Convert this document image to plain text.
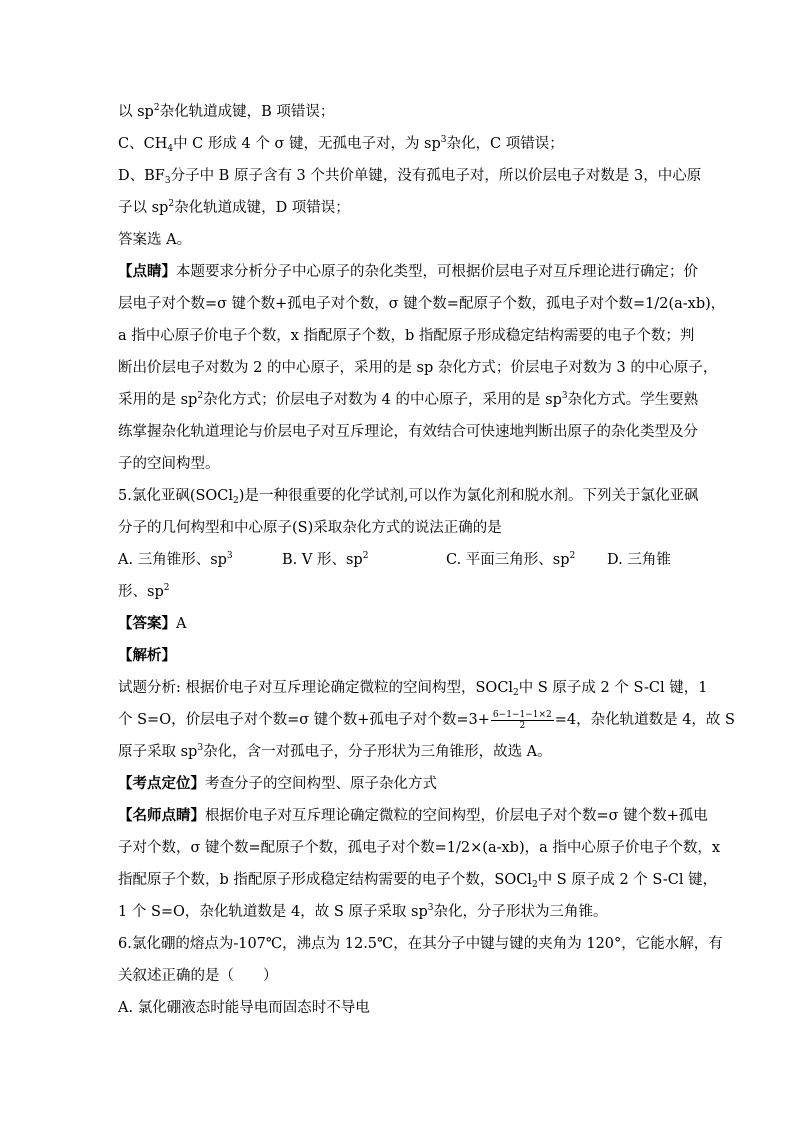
以 $sp^2$杂化轨道成键，B 项错误；
C、$CH_4$中 C 形成 4 个 σ 键，无孤电子对，为 $sp^3$杂化，C 项错误；
D、$BF_3$分子中 B 原子含有 3 个共价单键，没有孤电子对，所以价层电子对数是 3，中心原
子以 $sp^2$杂化轨道成键，D 项错误；
答案选 A。
【点睛】本题要求分析分子中心原子的杂化类型，可根据价层电子对互斥理论进行确定；价
层电子对个数=σ 键个数+孤电子对个数，σ 键个数=配原子个数，孤电子对个数=1/2(a-xb)，
a 指中心原子价电子个数，x 指配原子个数，b 指配原子形成稳定结构需要的电子个数；判
断出价层电子对数为 2 的中心原子，采用的是 sp 杂化方式；价层电子对数为 3 的中心原子，
采用的是 $sp^2$杂化方式；价层电子对数为 4 的中心原子，采用的是 $sp^3$杂化方式。学生要熟
练掌握杂化轨道理论与价层电子对互斥理论，有效结合可快速地判断出原子的杂化类型及分
子的空间构型。
5.氯化亚砜(SOCl$_2$)是一种很重要的化学试剂,可以作为氯化剂和脱水剂。下列关于氯化亚砜
分子的几何构型和中心原子(S)采取杂化方式的说法正确的是
A. 三角锥形、$sp^3$	B. V 形、$sp^2$	C. 平面三角形、$sp^2$ D. 三角锥
形、$sp^2$
【答案】A
【解析】
试题分析: 根据价电子对互斥理论确定微粒的空间构型，SOCl$_2$中 S 原子成 2 个 S-Cl 键，1
个 S=O，价层电子对个数=σ 键个数+孤电子对个数$=3+ \frac{6-1-1-1\times 2}{2} =4$，杂化轨道数是 4，故 S
原子采取 $sp^3$杂化，含一对孤电子，分子形状为三角锥形，故选 A。
【考点定位】考查分子的空间构型、原子杂化方式
【名师点睛】根据价电子对互斥理论确定微粒的空间构型，价层电子对个数=σ 键个数+孤电
子对个数，σ 键个数=配原子个数，孤电子对个数=1/2×(a-xb)，a 指中心原子价电子个数，x
指配原子个数，b 指配原子形成稳定结构需要的电子个数，SOCl$_2$中 S 原子成 2 个 S-Cl 键，
1 个 S=O，杂化轨道数是 4，故 S 原子采取 $sp^3$杂化，分子形状为三角锥。
6.氯化硼的熔点为-107℃，沸点为 12.5℃，在其分子中键与键的夹角为 120°，它能水解，有
关叙述正确的是（　　）
A. 氯化硼液态时能导电而固态时不导电
